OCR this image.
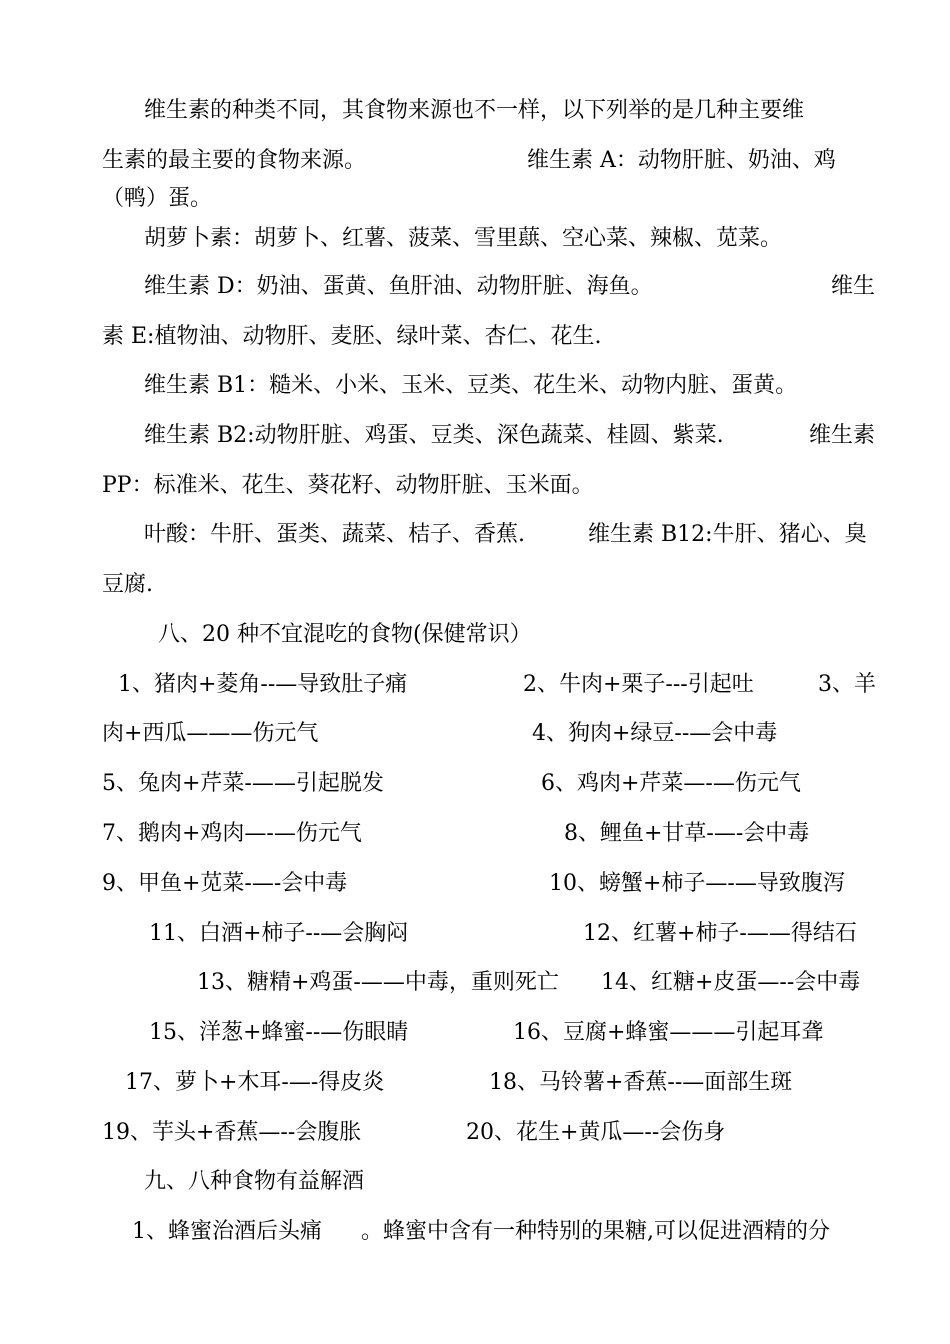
维生素的种类不同，其食物来源也不一样，以下列举的是几种主要维
生素的最主要的食物来源。	维生素 A：动物肝脏、奶油、鸡
（鸭）蛋。
胡萝卜素：胡萝卜、红薯、菠菜、雪里蕻、空心菜、辣椒、苋菜。
维生素 D：奶油、蛋黄、鱼肝油、动物肝脏、海鱼。	维生
素 E:植物油、动物肝、麦胚、绿叶菜、杏仁、花生.
维生素 B1：糙米、小米、玉米、豆类、花生米、动物内脏、蛋黄。
维生素 B2:动物肝脏、鸡蛋、豆类、深色蔬菜、桂圆、紫菜.	维生素
PP：标准米、花生、葵花籽、动物肝脏、玉米面。
叶酸：牛肝、蛋类、蔬菜、桔子、香蕉.	维生素 B12:牛肝、猪心、臭
豆腐.
八、20 种不宜混吃的食物(保健常识）
1、猪肉+菱角--—导致肚子痛	2、牛肉+栗子---引起吐	3、羊
肉+西瓜———伤元气	4、狗肉+绿豆--—会中毒
5、兔肉+芹菜-——引起脱发	6、鸡肉+芹菜—-—伤元气
7、鹅肉+鸡肉—-—伤元气	8、鲤鱼+甘草-—-会中毒
9、甲鱼+苋菜-—-会中毒	10、螃蟹+柿子—-—导致腹泻
11、白酒+柿子--—会胸闷	12、红薯+柿子-——得结石
13、糖精+鸡蛋-——中毒，重则死亡 14、红糖+皮蛋—--会中毒
15、洋葱+蜂蜜--—伤眼睛	16、豆腐+蜂蜜———引起耳聋
17、萝卜+木耳-—-得皮炎	18、马铃薯+香蕉--—面部生斑
19、芋头+香蕉—--会腹胀	20、花生+黄瓜—--会伤身
九、八种食物有益解酒
1、蜂蜜治酒后头痛 。蜂蜜中含有一种特别的果糖,可以促进酒精的分
